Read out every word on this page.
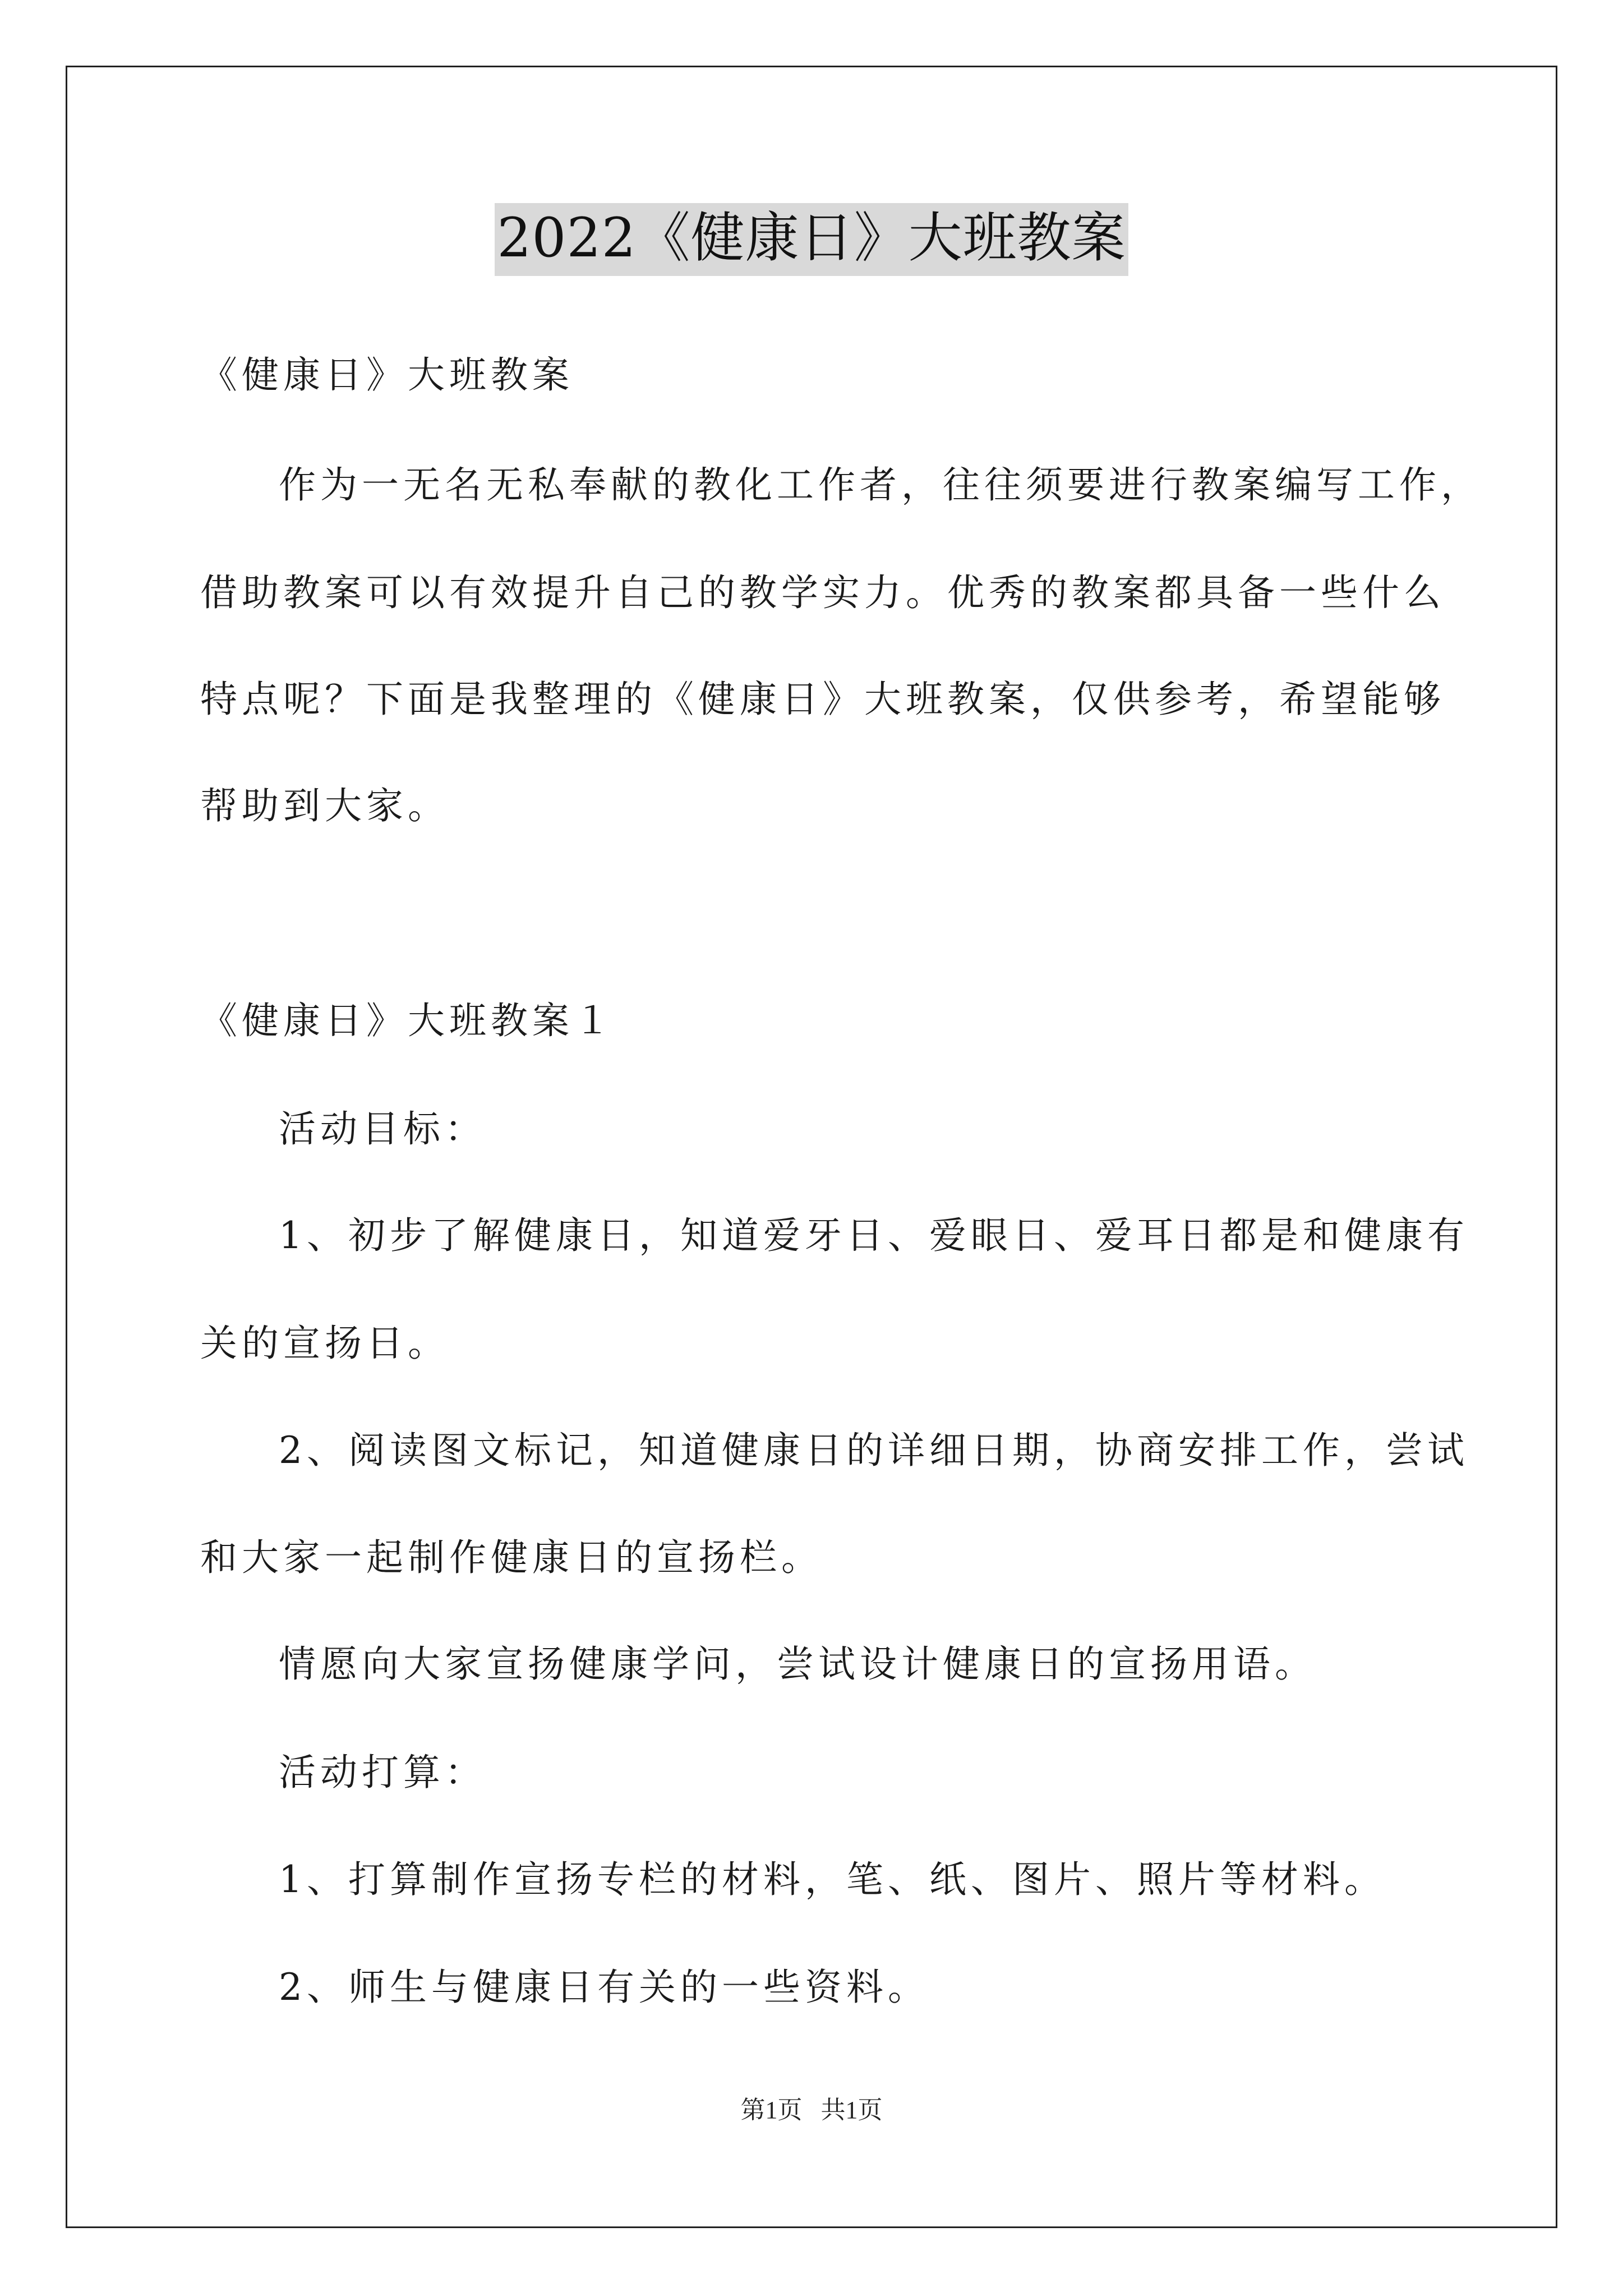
2022《健康日》大班教案
《健康日》大班教案
作为一无名无私奉献的教化工作者，往往须要进行教案编写工作，
借助教案可以有效提升自己的教学实力。优秀的教案都具备一些什么
特点呢？下面是我整理的《健康日》大班教案，仅供参考，希望能够
帮助到大家。
《健康日》大班教案１
活动目标：
1、初步了解健康日，知道爱牙日、爱眼日、爱耳日都是和健康有
关的宣扬日。
2、阅读图文标记，知道健康日的详细日期，协商安排工作，尝试
和大家一起制作健康日的宣扬栏。
情愿向大家宣扬健康学问，尝试设计健康日的宣扬用语。
活动打算：
1、打算制作宣扬专栏的材料，笔、纸、图片、照片等材料。
2、师生与健康日有关的一些资料。
第1页   共1页
